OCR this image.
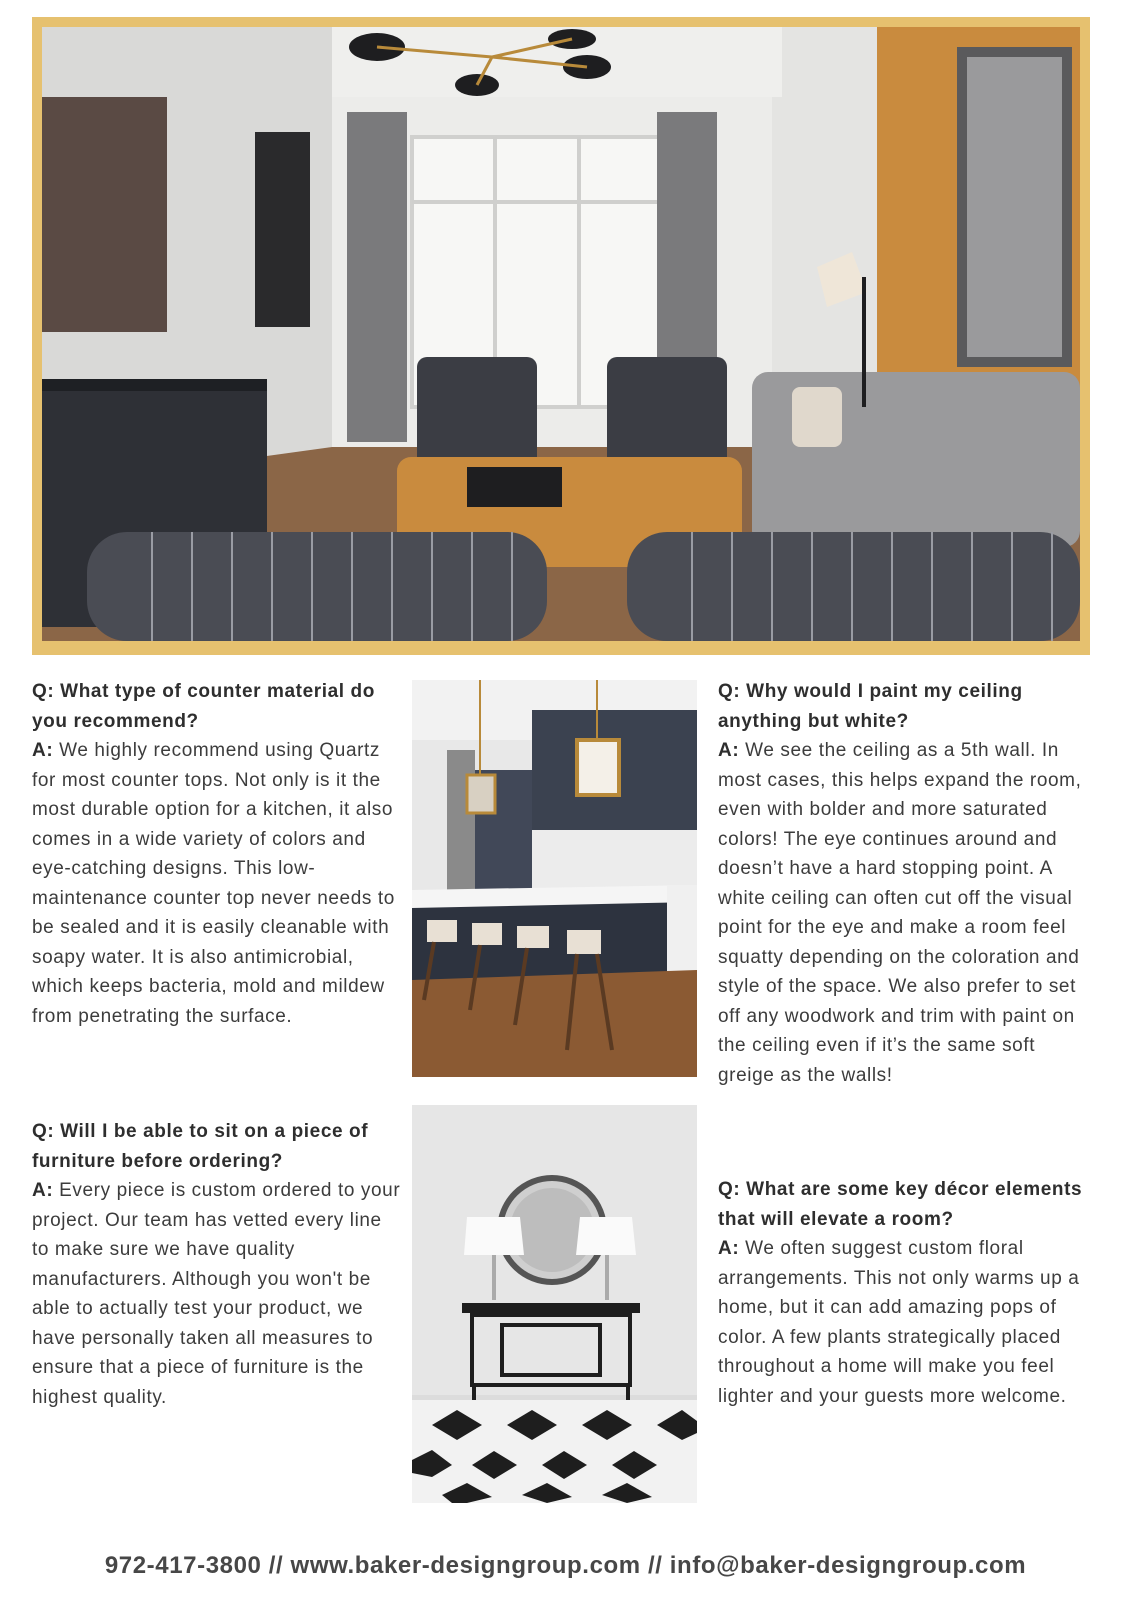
Q: What type of counter material do you recommend?
A: We highly recommend using Quartz for most counter tops. Not only is it the most durable option for a kitchen, it also comes in a wide variety of colors and eye-catching designs. This low-maintenance counter top never needs to be sealed and it is easily cleanable with soapy water. It is also antimicrobial, which keeps bacteria, mold and mildew from penetrating the surface.
Q: Will I be able to sit on a piece of furniture before ordering?
A: Every piece is custom ordered to your project. Our team has vetted every line to make sure we have quality manufacturers. Although you won't be able to actually test your product, we have personally taken all measures to ensure that a piece of furniture is the highest quality.
Q: Why would I paint my ceiling anything but white?
A: We see the ceiling as a 5th wall. In most cases, this helps expand the room, even with bolder and more saturated colors! The eye continues around and doesn’t have a hard stopping point. A white ceiling can often cut off the visual point for the eye and make a room feel squatty depending on the coloration and style of the space. We also prefer to set off any woodwork and trim with paint on the ceiling even if it’s the same soft greige as the walls!
Q: What are some key décor elements that will elevate a room?
A: We often suggest custom floral arrangements. This not only warms up a home, but it can add amazing pops of color. A few plants strategically placed throughout a home will make you feel lighter and your guests more welcome.
972-417-3800 // www.baker-designgroup.com // info@baker-designgroup.com
